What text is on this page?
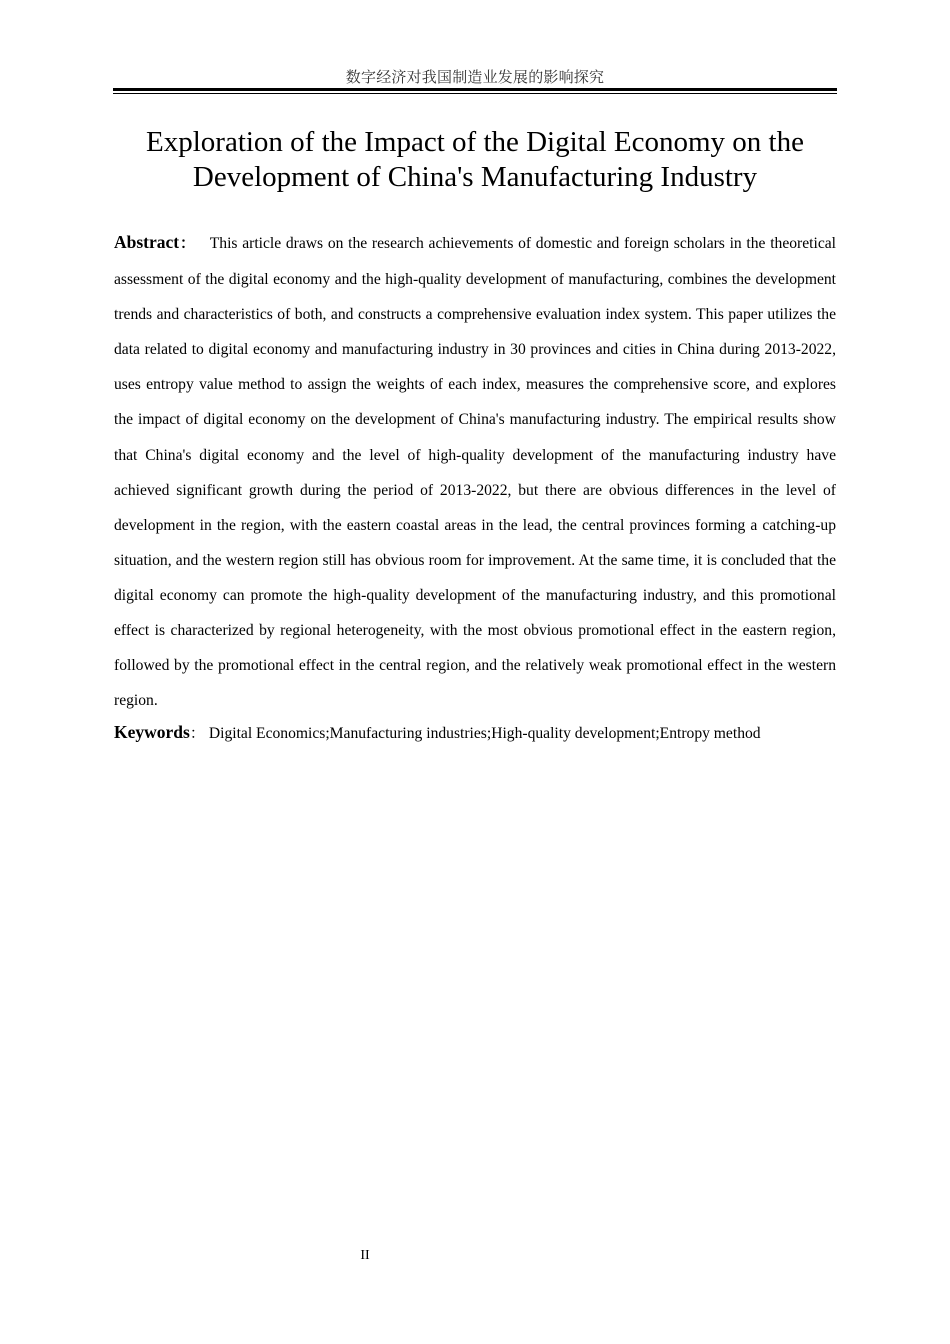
数字经济对我国制造业发展的影响探究
Exploration of the Impact of the Digital Economy on the
Development of China's Manufacturing Industry

Abstract： This article draws on the research achievements of domestic and foreign scholars in the theoretical assessment of the digital economy and the high-quality development of manufacturing, combines the development trends and characteristics of both, and constructs a comprehensive evaluation index system. This paper utilizes the data related to digital economy and manufacturing industry in 30 provinces and cities in China during 2013-2022, uses entropy value method to assign the weights of each index, measures the comprehensive score, and explores the impact of digital economy on the development of China's manufacturing industry. The empirical results show that China's digital economy and the level of high-quality development of the manufacturing industry have achieved significant growth during the period of 2013-2022, but there are obvious differences in the level of development in the region, with the eastern coastal areas in the lead, the central provinces forming a catching-up situation, and the western region still has obvious room for improvement. At the same time, it is concluded that the digital economy can promote the high-quality development of the manufacturing industry, and this promotional effect is characterized by regional heterogeneity, with the most obvious promotional effect in the eastern region, followed by the promotional effect in the central region, and the relatively weak promotional effect in the western region.

Keywords： Digital Economics;Manufacturing industries;High-quality development;Entropy method

II
